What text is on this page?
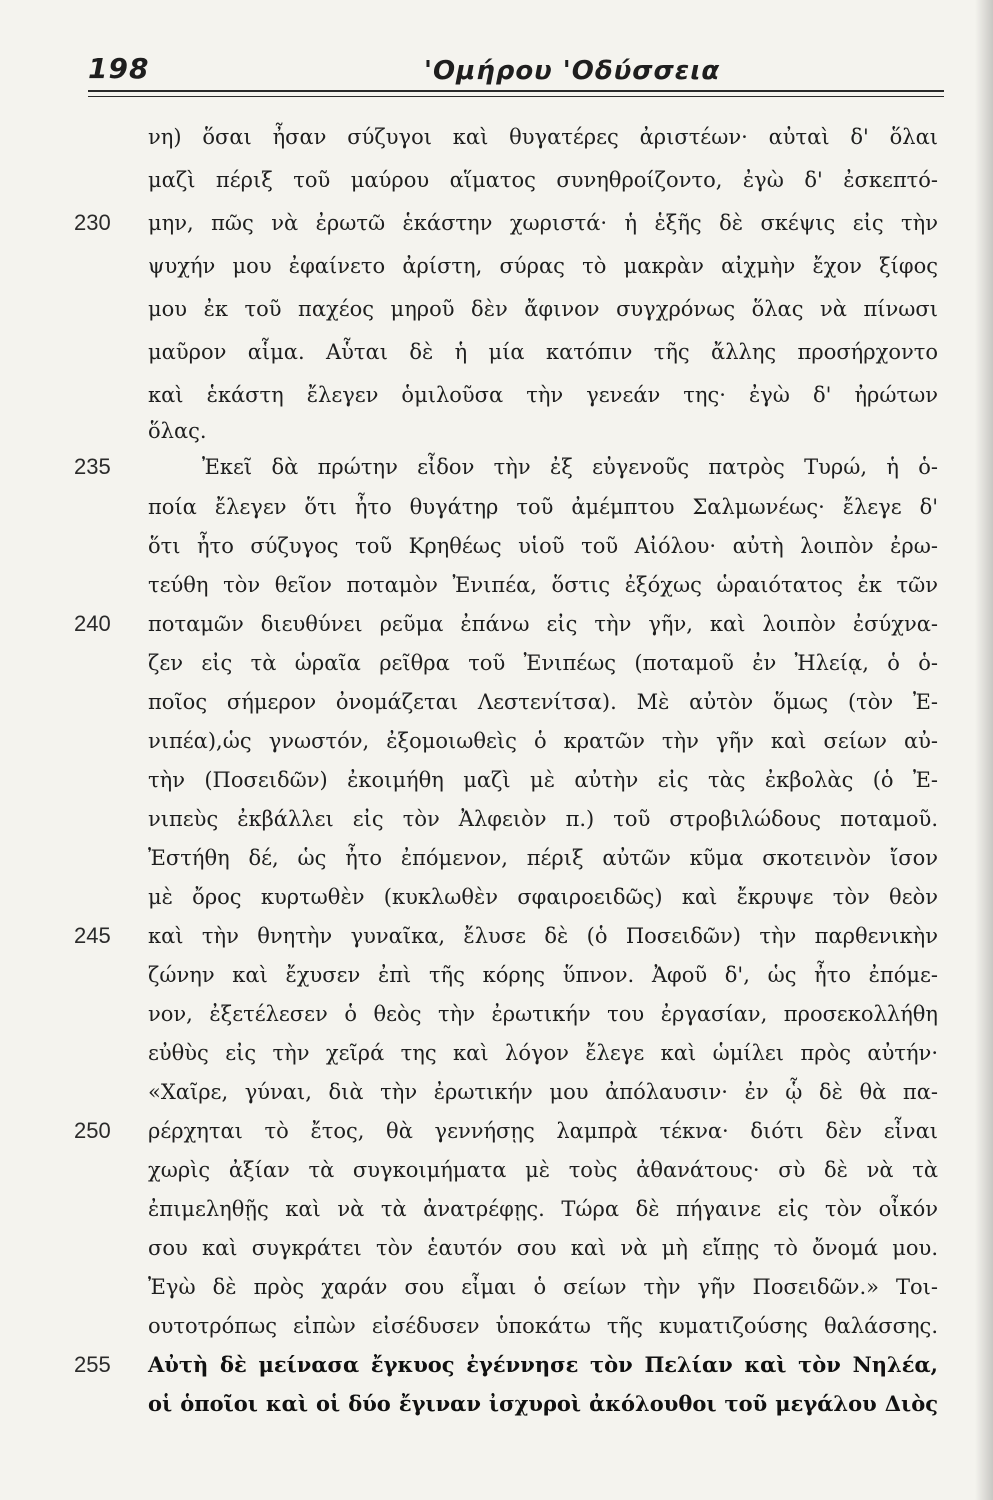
198	'Ομήρου 'Οδύσσεια
νη) ὅσαι ἦσαν σύζυγοι καὶ θυγατέρες ἀριστέων· αὐταὶ δ' ὅλαι
μαζὶ πέριξ τοῦ μαύρου αἵματος συνηθροίζοντο, ἐγὼ δ' ἐσκεπτό-
μην, πῶς νὰ ἐρωτῶ ἑκάστην χωριστά· ἡ ἑξῆς δὲ σκέψις εἰς τὴν
ψυχήν μου ἐφαίνετο ἀρίστη, σύρας τὸ μακρὰν αἰχμὴν ἔχον ξίφος
μου ἐκ τοῦ παχέος μηροῦ δὲν ἄφινον συγχρόνως ὅλας νὰ πίνωσι
μαῦρον αἷμα. Αὗται δὲ ἡ μία κατόπιν τῆς ἄλλης προσήρχοντο
καὶ ἑκάστη ἔλεγεν ὁμιλοῦσα τὴν γενεάν της· ἐγὼ δ' ἠρώτων
ὅλας.
Ἐκεῖ δὰ πρώτην εἶδον τὴν ἐξ εὐγενοῦς πατρὸς Τυρώ, ἡ ὁ-
ποία ἔλεγεν ὅτι ἦτο θυγάτηρ τοῦ ἀμέμπτου Σαλμωνέως· ἔλεγε δ'
ὅτι ἦτο σύζυγος τοῦ Κρηθέως υἱοῦ τοῦ Αἰόλου· αὐτὴ λοιπὸν ἐρω-
τεύθη τὸν θεῖον ποταμὸν Ἐνιπέα, ὅστις ἐξόχως ὡραιότατος ἐκ τῶν
ποταμῶν διευθύνει ρεῦμα ἐπάνω εἰς τὴν γῆν, καὶ λοιπὸν ἐσύχνα-
ζεν εἰς τὰ ὡραῖα ρεῖθρα τοῦ Ἐνιπέως (ποταμοῦ ἐν Ἠλείᾳ, ὁ ὁ-
ποῖος σήμερον ὀνομάζεται Λεστενίτσα). Μὲ αὐτὸν ὅμως (τὸν Ἐ-
νιπέα),ὡς γνωστόν, ἐξομοιωθεὶς ὁ κρατῶν τὴν γῆν καὶ σείων αὐ-
τὴν (Ποσειδῶν) ἐκοιμήθη μαζὶ μὲ αὐτὴν εἰς τὰς ἐκβολὰς (ὁ Ἐ-
νιπεὺς ἐκβάλλει εἰς τὸν Ἀλφειὸν π.) τοῦ στροβιλώδους ποταμοῦ.
Ἐστήθη δέ, ὡς ἦτο ἐπόμενον, πέριξ αὐτῶν κῦμα σκοτεινὸν ἴσον
μὲ ὄρος κυρτωθὲν (κυκλωθὲν σφαιροειδῶς) καὶ ἔκρυψε τὸν θεὸν
καὶ τὴν θνητὴν γυναῖκα, ἔλυσε δὲ (ὁ Ποσειδῶν) τὴν παρθενικὴν
ζώνην καὶ ἔχυσεν ἐπὶ τῆς κόρης ὕπνον. Ἀφοῦ δ', ὡς ἦτο ἐπόμε-
νον, ἐξετέλεσεν ὁ θεὸς τὴν ἐρωτικήν του ἐργασίαν, προσεκολλήθη
εὐθὺς εἰς τὴν χεῖρά της καὶ λόγον ἔλεγε καὶ ὡμίλει πρὸς αὐτήν·
«Χαῖρε, γύναι, διὰ τὴν ἐρωτικήν μου ἀπόλαυσιν· ἐν ᾧ δὲ θὰ πα-
ρέρχηται τὸ ἔτος, θὰ γεννήσῃς λαμπρὰ τέκνα· διότι δὲν εἶναι
χωρὶς ἀξίαν τὰ συγκοιμήματα μὲ τοὺς ἀθανάτους· σὺ δὲ νὰ τὰ
ἐπιμεληθῇς καὶ νὰ τὰ ἀνατρέφῃς. Τώρα δὲ πήγαινε εἰς τὸν οἶκόν
σου καὶ συγκράτει τὸν ἑαυτόν σου καὶ νὰ μὴ εἴπῃς τὸ ὄνομά μου.
Ἐγὼ δὲ πρὸς χαράν σου εἶμαι ὁ σείων τὴν γῆν Ποσειδῶν.» Τοι-
ουτοτρόπως εἰπὼν εἰσέδυσεν ὑποκάτω τῆς κυματιζούσης θαλάσσης.
Αὐτὴ δὲ μείνασα ἔγκυος ἐγέννησε τὸν Πελίαν καὶ τὸν Νηλέα,
οἱ ὁποῖοι καὶ οἱ δύο ἔγιναν ἰσχυροὶ ἀκόλουθοι τοῦ μεγάλου Διὸς
230
235
240
245
250
255
